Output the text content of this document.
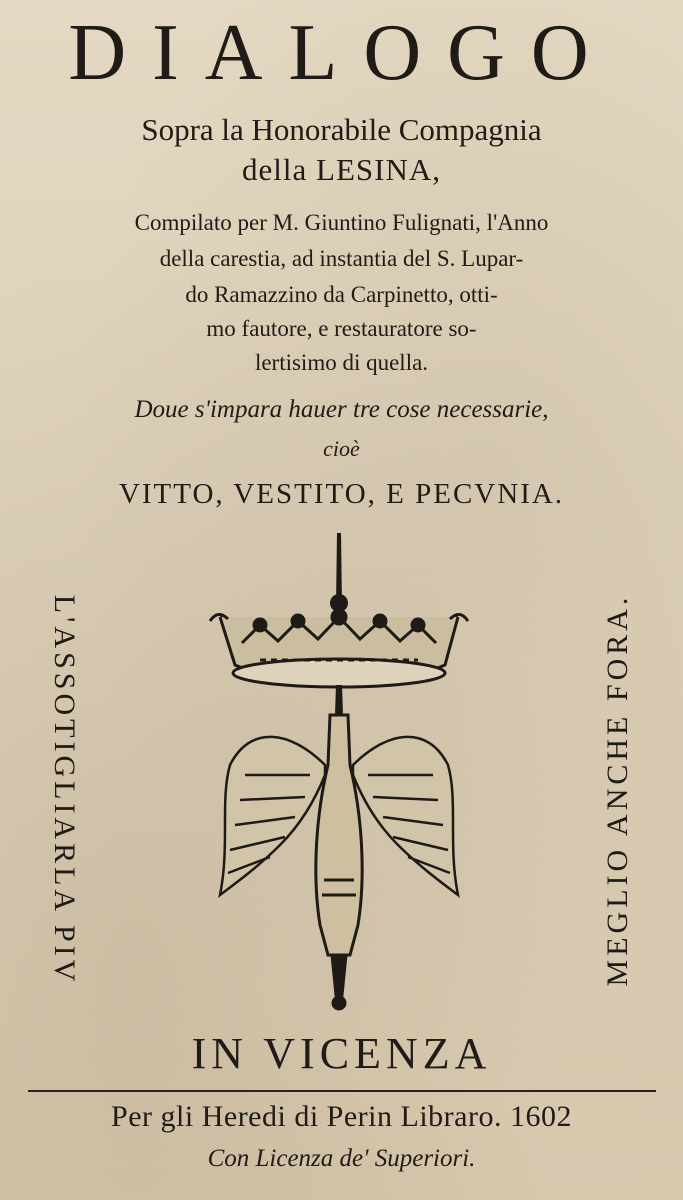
DIALOGO
Sopra la Honorabile Compagnia
della LESINA,
Compilato per M. Giuntino Fulignati, l'Anno
della carestia, ad instantia del S. Lupar-
do Ramazzino da Carpinetto, otti-
mo fautore, e restauratore so-
lertisimo di quella.
Doue s'impara hauer tre cose necessarie,
cioè
VITTO, VESTITO, E PECVNIA.
L'ASSOTIGLIARLA PIV	MEGLIO ANCHE FORA.
IN VICENZA
Per gli Heredi di Perin Libraro. 1602
Con Licenza de' Superiori.
